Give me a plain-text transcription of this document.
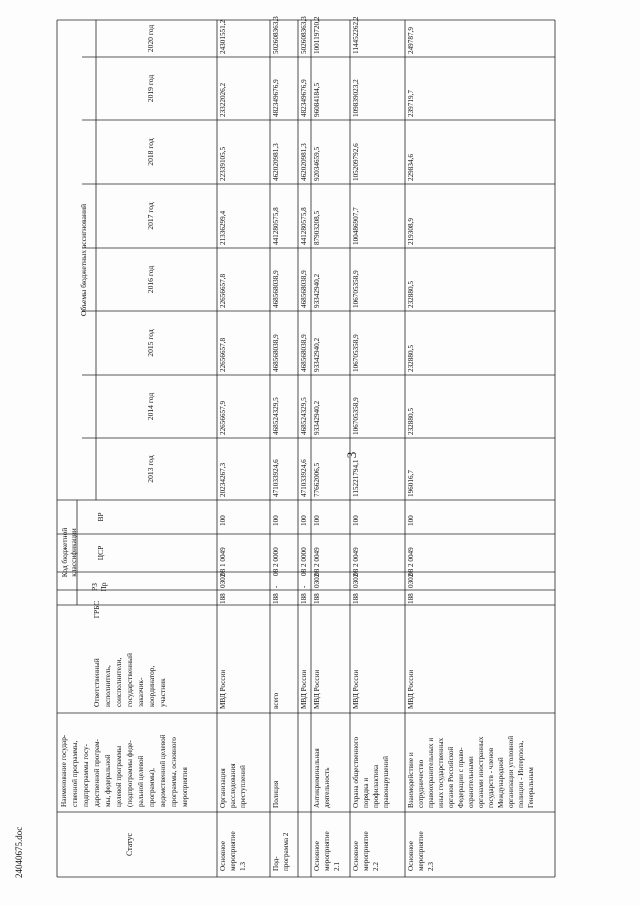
Статус
Наименование государ- ственной программы, подпрограммы госу- дарственной програм- мы, федеральной целевой программы (подпрограммы феде- ральной целевой программы), ведомственной целевой программы, основного мероприятия
Ответственный исполнитель, соисполнители, государственный заказчик- координатор, участник
Код бюджетнойклассификации
ГРБС
РЗПр
ЦСР
ВР
Объемы бюджетных ассигнований
2013 год
2014 год
2015 год
2016 год
2017 год
2018 год
2019 год
2020 год
Основное мероприятие 1.3
Организация расследования преступлений
МВД России
188
0302
08 1 0049
100
20234267,3
22656657,9
22656657,8
22656657,8
21336299,4
22339105,5
23322026,2
24301551,2
Под- программа 2
Полиция
всего
188
-
08 2 0000
100
471033924,6
468524329,5
468568038,9
468568038,9
441280575,8
462020981,3
482349676,9
502608363,3
МВД России
188
-
08 2 0000
100
471033924,6
468524329,5
468568038,9
468568038,9
441280575,8
462020981,3
482349676,9
502608363,3
Основное мероприятие 2.1
Антикриминальная деятельность
МВД России
188
0302
08 2 0049
100
77662006,5
93342940,2
93342940,2
93342940,2
87903208,5
92034659,5
96084184,5
100119720,2
Основное мероприятие 2.2
Охрана общественного порядка и профилактика правонарушений
МВД России
188
0302
08 2 0049
100
115221794,1
106705358,9
106705358,9
106705358,9
100486907,7
105209792,6
109839023,2
114452262,2
Основное мероприятие 2.3
Взаимодействие и сотрудничество правоохранительных и иных государственных органов Российской Федерации с право- охранительными органами иностранных государств - членов Международной организации уголовной полиции - Интерпола, Генеральным
МВД России
188
0302
08 2 0049
100
196016,7
232880,5
232880,5
232880,5
219308,9
229834,6
239719,7
249787,9
3
24040675.doc
